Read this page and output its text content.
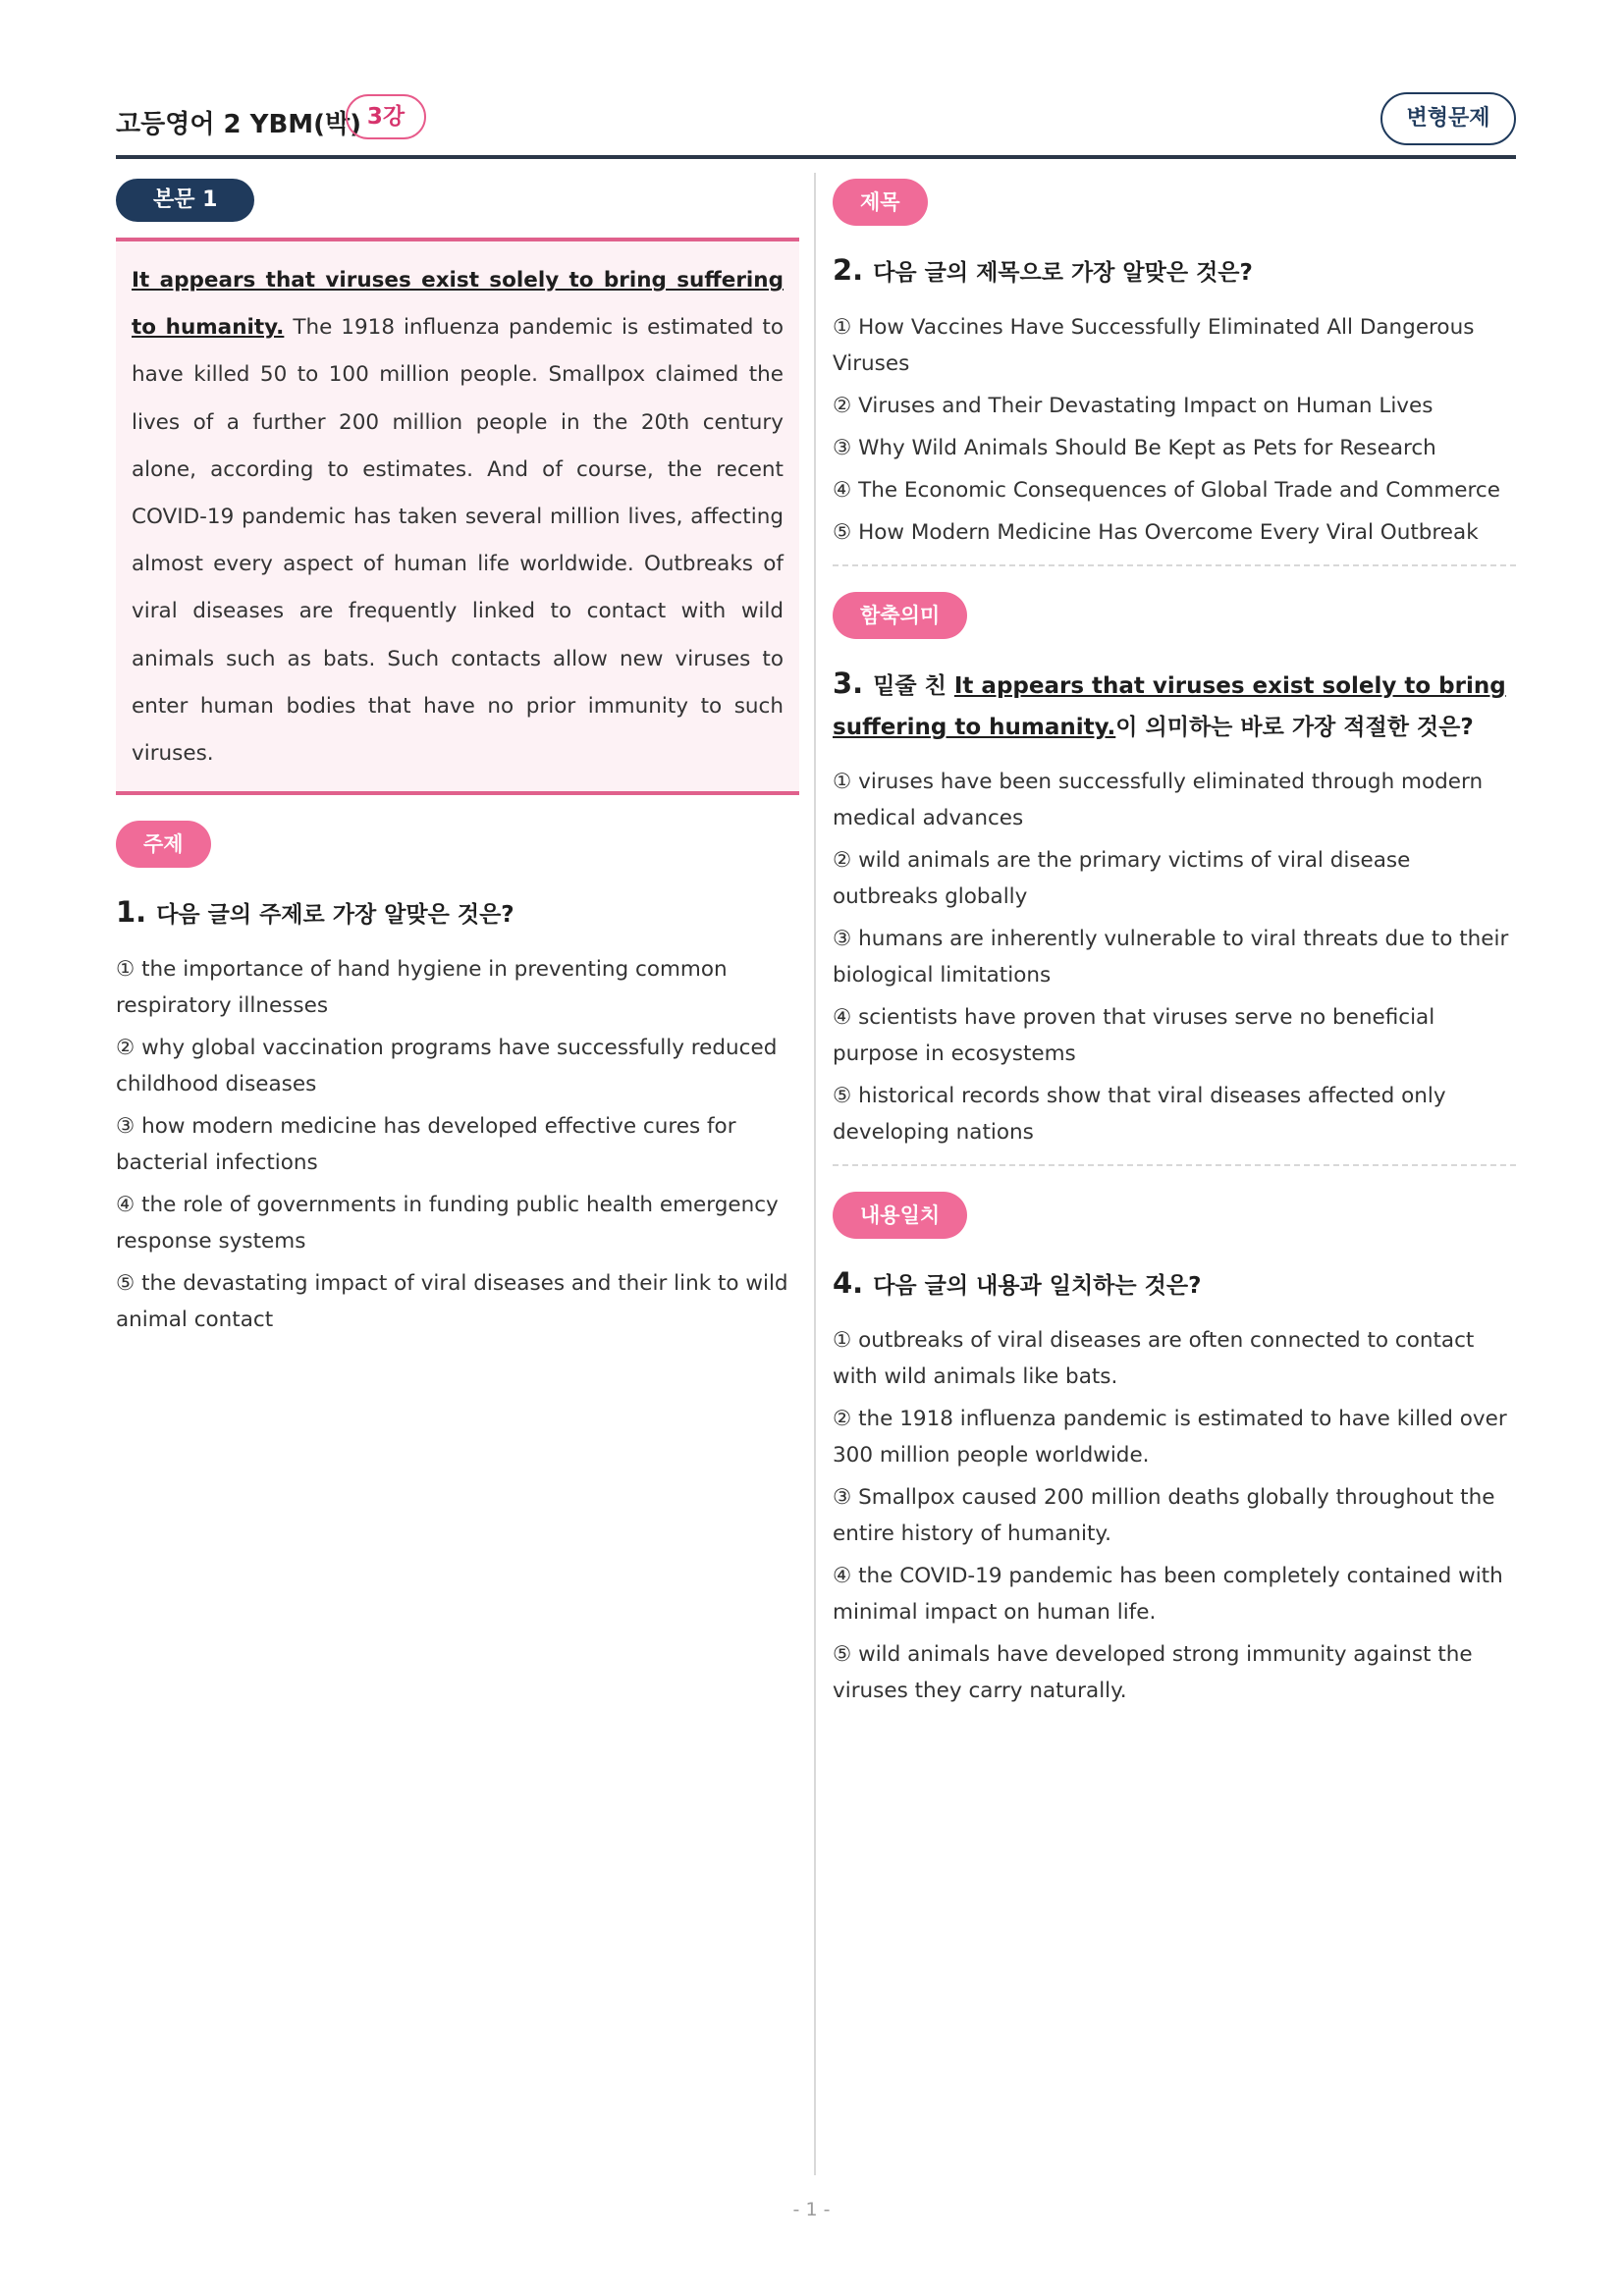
고등영어 2 YBM(박) 3강	변형문제
본문 1

It appears that viruses exist solely to bring suffering to humanity. The 1918 influenza pandemic is estimated to have killed 50 to 100 million people. Smallpox claimed the lives of a further 200 million people in the 20th century alone, according to estimates. And of course, the recent COVID-19 pandemic has taken several million lives, affecting almost every aspect of human life worldwide. Outbreaks of viral diseases are frequently linked to contact with wild animals such as bats. Such contacts allow new viruses to enter human bodies that have no prior immunity to such viruses.

주제
1. 다음 글의 주제로 가장 알맞은 것은?
① the importance of hand hygiene in preventing common respiratory illnesses
② why global vaccination programs have successfully reduced childhood diseases
③ how modern medicine has developed effective cures for bacterial infections
④ the role of governments in funding public health emergency response systems
⑤ the devastating impact of viral diseases and their link to wild animal contact
제목
2. 다음 글의 제목으로 가장 알맞은 것은?
① How Vaccines Have Successfully Eliminated All Dangerous Viruses
② Viruses and Their Devastating Impact on Human Lives
③ Why Wild Animals Should Be Kept as Pets for Research
④ The Economic Consequences of Global Trade and Commerce
⑤ How Modern Medicine Has Overcome Every Viral Outbreak
함축의미
3. 밑줄 친 It appears that viruses exist solely to bring suffering to humanity.이 의미하는 바로 가장 적절한 것은?
① viruses have been successfully eliminated through modern medical advances
② wild animals are the primary victims of viral disease outbreaks globally
③ humans are inherently vulnerable to viral threats due to their biological limitations
④ scientists have proven that viruses serve no beneficial purpose in ecosystems
⑤ historical records show that viral diseases affected only developing nations
내용일치
4. 다음 글의 내용과 일치하는 것은?
① outbreaks of viral diseases are often connected to contact with wild animals like bats.
② the 1918 influenza pandemic is estimated to have killed over 300 million people worldwide.
③ Smallpox caused 200 million deaths globally throughout the entire history of humanity.
④ the COVID-19 pandemic has been completely contained with minimal impact on human life.
⑤ wild animals have developed strong immunity against the viruses they carry naturally.
- 1 -
